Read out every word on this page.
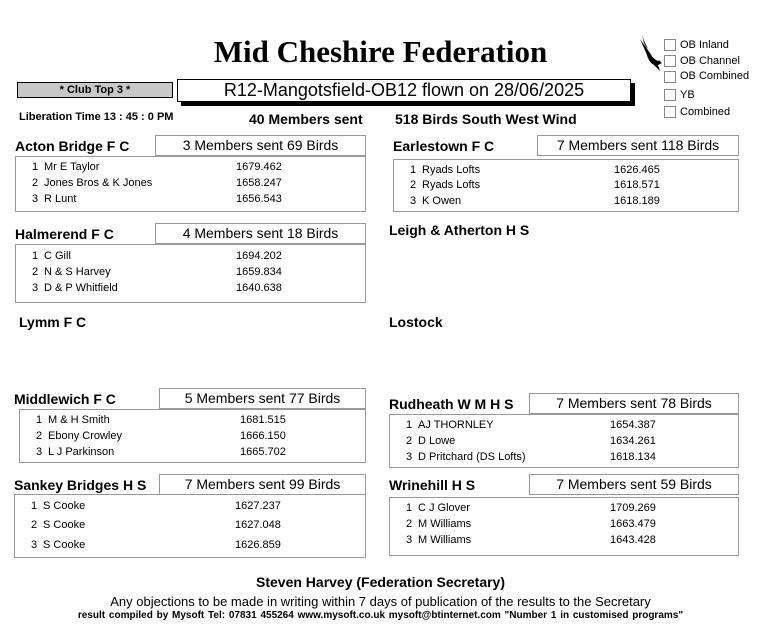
Mid Cheshire Federation
* Club Top 3 *	R12-Mangotsfield-OB12 flown on 28/06/2025
Liberation Time 13 : 45 : 0 PM	40 Members sent 518 Birds South West Wind
OB Inland
OB Channel
OB Combined
YB
Combined
Acton Bridge F C	3 Members sent 69 Birds
1 Mr E Taylor	1679.462
2 Jones Bros & K Jones	1658.247
3 R Lunt	1656.543
Earlestown F C	7 Members sent 118 Birds
1 Ryads Lofts	1626.465
2 Ryads Lofts	1618.571
3 K Owen	1618.189
Halmerend F C	4 Members sent 18 Birds
1 C Gill	1694.202
2 N & S Harvey	1659.834
3 D & P Whitfield	1640.638
Leigh & Atherton H S
Lymm F C	Lostock
Middlewich F C	5 Members sent 77 Birds
1 M & H Smith	1681.515
2 Ebony Crowley	1666.150
3 L J Parkinson	1665.702
Rudheath W M H S	7 Members sent 78 Birds
1 AJ THORNLEY	1654.387
2 D Lowe	1634.261
3 D Pritchard (DS Lofts)	1618.134
Sankey Bridges H S	7 Members sent 99 Birds
1 S Cooke	1627.237
2 S Cooke	1627.048
3 S Cooke	1626.859
Wrinehill H S	7 Members sent 59 Birds
1 C J Glover	1709.269
2 M Williams	1663.479
3 M Williams	1643.428
Steven Harvey (Federation Secretary)
Any objections to be made in writing within 7 days of publication of the results to the Secretary
result compiled by Mysoft Tel: 07831 455264 www.mysoft.co.uk mysoft@btinternet.com "Number 1 in customised programs"
